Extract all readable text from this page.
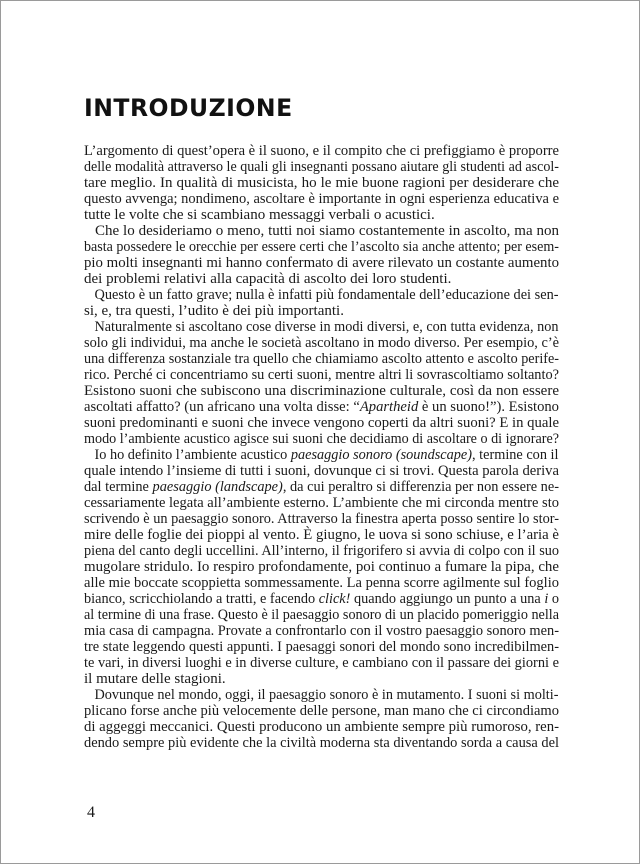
INTRODUZIONE
L’argomento di quest’opera è il suono, e il compito che ci prefiggiamo è proporre
delle modalità attraverso le quali gli insegnanti possano aiutare gli studenti ad ascol-
tare meglio. In qualità di musicista, ho le mie buone ragioni per desiderare che
questo avvenga; nondimeno, ascoltare è importante in ogni esperienza educativa e
tutte le volte che si scambiano messaggi verbali o acustici.
Che lo desideriamo o meno, tutti noi siamo costantemente in ascolto, ma non
basta possedere le orecchie per essere certi che l’ascolto sia anche attento; per esem-
pio molti insegnanti mi hanno confermato di avere rilevato un costante aumento
dei problemi relativi alla capacità di ascolto dei loro studenti.
Questo è un fatto grave; nulla è infatti più fondamentale dell’educazione dei sen-
si, e, tra questi, l’udito è dei più importanti.
Naturalmente si ascoltano cose diverse in modi diversi, e, con tutta evidenza, non
solo gli individui, ma anche le società ascoltano in modo diverso. Per esempio, c’è
una differenza sostanziale tra quello che chiamiamo ascolto attento e ascolto perife-
rico. Perché ci concentriamo su certi suoni, mentre altri li sovrascoltiamo soltanto?
Esistono suoni che subiscono una discriminazione culturale, così da non essere
ascoltati affatto? (un africano una volta disse: “Apartheid è un suono!”). Esistono
suoni predominanti e suoni che invece vengono coperti da altri suoni? E in quale
modo l’ambiente acustico agisce sui suoni che decidiamo di ascoltare o di ignorare?
Io ho definito l’ambiente acustico paesaggio sonoro (soundscape), termine con il
quale intendo l’insieme di tutti i suoni, dovunque ci si trovi. Questa parola deriva
dal termine paesaggio (landscape), da cui peraltro si differenzia per non essere ne-
cessariamente legata all’ambiente esterno. L’ambiente che mi circonda mentre sto
scrivendo è un paesaggio sonoro. Attraverso la finestra aperta posso sentire lo stor-
mire delle foglie dei pioppi al vento. È giugno, le uova si sono schiuse, e l’aria è
piena del canto degli uccellini. All’interno, il frigorifero si avvia di colpo con il suo
mugolare stridulo. Io respiro profondamente, poi continuo a fumare la pipa, che
alle mie boccate scoppietta sommessamente. La penna scorre agilmente sul foglio
bianco, scricchiolando a tratti, e facendo click! quando aggiungo un punto a una i o
al termine di una frase. Questo è il paesaggio sonoro di un placido pomeriggio nella
mia casa di campagna. Provate a confrontarlo con il vostro paesaggio sonoro men-
tre state leggendo questi appunti. I paesaggi sonori del mondo sono incredibilmen-
te vari, in diversi luoghi e in diverse culture, e cambiano con il passare dei giorni e
il mutare delle stagioni.
Dovunque nel mondo, oggi, il paesaggio sonoro è in mutamento. I suoni si molti-
plicano forse anche più velocemente delle persone, man mano che ci circondiamo
di aggeggi meccanici. Questi producono un ambiente sempre più rumoroso, ren-
dendo sempre più evidente che la civiltà moderna sta diventando sorda a causa del
4
